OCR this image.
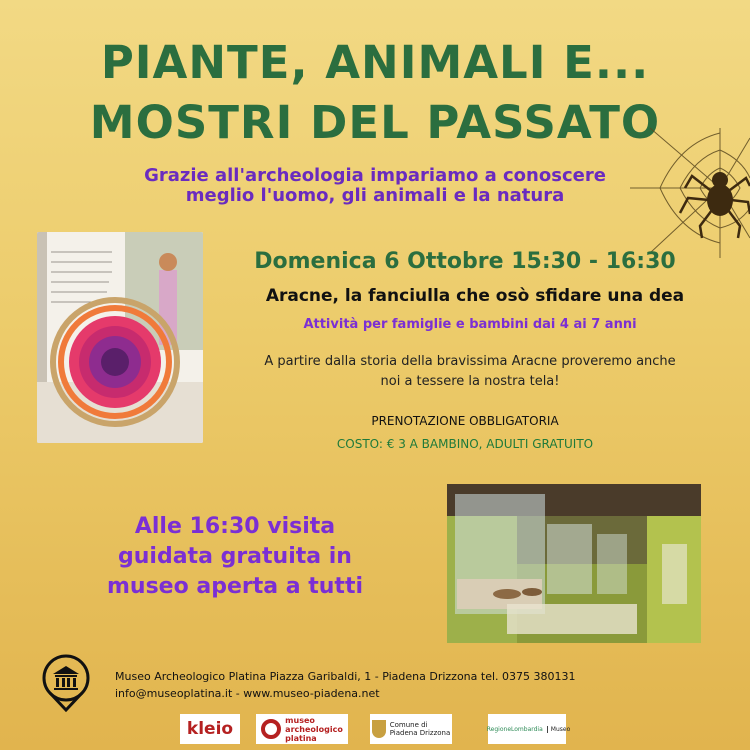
PIANTE, ANIMALI E...
MOSTRI DEL PASSATO
Grazie all'archeologia impariamo a conoscere
meglio l'uomo, gli animali e la natura
Domenica 6 Ottobre 15:30 - 16:30
Aracne, la fanciulla che osò sfidare una dea
Attività per famiglie e bambini dai 4 ai 7 anni
A partire dalla storia della bravissima Aracne proveremo anche
noi a tessere la nostra tela!
PRENOTAZIONE OBBLIGATORIA
COSTO: € 3 A BAMBINO, ADULTI GRATUITO
Alle 16:30 visita
guidata gratuita in
museo aperta a tutti
Museo Archeologico Platina Piazza Garibaldi, 1 - Piadena Drizzona tel. 0375 380131
info@museoplatina.it - www.museo-piadena.net
kleio	museo
archeologico
platina
Comune di
Piadena Drizzona	RegioneLombardia	Museo
